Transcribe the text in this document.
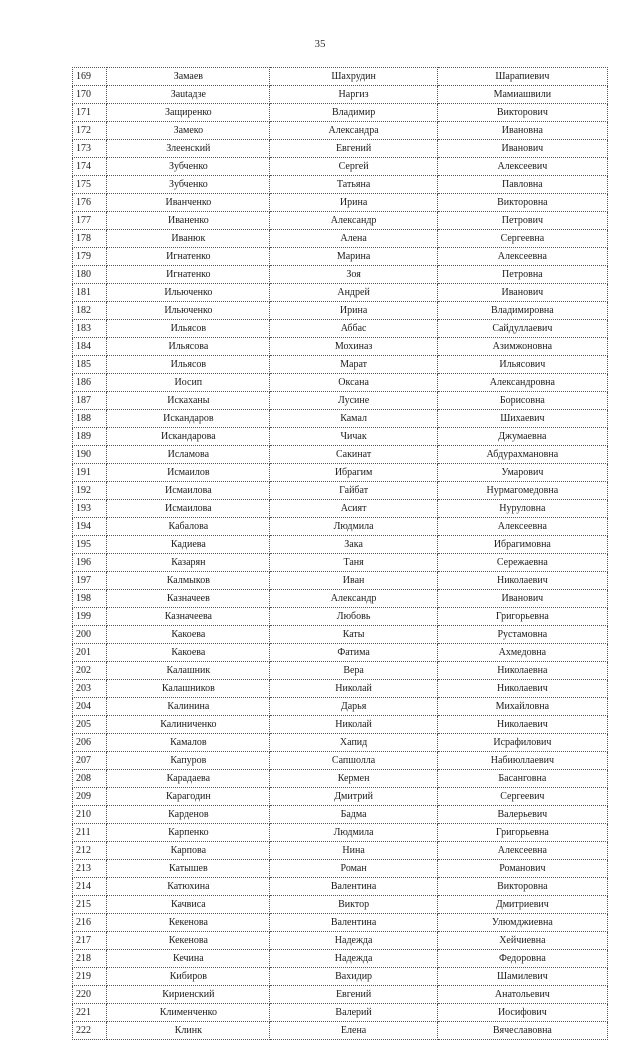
35
169	Замаев	Шахрудин	Шарапиевич
170	Зautадзе	Наргиз	Мамиашвили
171	Защиренко	Владимир	Викторович
172	Замеко	Александра	Ивановна
173	Злеенский	Евгений	Иванович
174	Зубченко	Сергей	Алексеевич
175	Зубченко	Татьяна	Павловна
176	Иванченко	Ирина	Викторовна
177	Иваненко	Александр	Петрович
178	Иванюк	Алена	Сергеевна
179	Игнатенко	Марина	Алексеевна
180	Игнатенко	Зоя	Петровна
181	Ильюченко	Андрей	Иванович
182	Ильюченко	Ирина	Владимировна
183	Ильясов	Аббас	Сайдуллаевич
184	Ильясова	Мохиназ	Азимжоновна
185	Ильясов	Марат	Ильясович
186	Иосип	Оксана	Александровна
187	Искаханы	Лусине	Борисовна
188	Искандаров	Камал	Шихаевич
189	Искандарова	Чичак	Джумаевна
190	Исламова	Сакинат	Абдурахмановна
191	Исмаилов	Ибрагим	Умарович
192	Исмаилова	Гайбат	Нурмагомедовна
193	Исмаилова	Асият	Нуруловна
194	Кабалова	Людмила	Алексеевна
195	Кадиева	Зака	Ибрагимовна
196	Казарян	Таня	Сережаевна
197	Калмыков	Иван	Николаевич
198	Казначеев	Александр	Иванович
199	Казначеева	Любовь	Григорьевна
200	Какоева	Каты	Рустамовна
201	Какоева	Фатима	Ахмедовна
202	Калашник	Вера	Николаевна
203	Калашников	Николай	Николаевич
204	Калинина	Дарья	Михайловна
205	Калиниченко	Николай	Николаевич
206	Камалов	Хапид	Исрафилович
207	Капуров	Сапшолла	Набиюллаевич
208	Карадаева	Кермен	Басанговна
209	Карагодин	Дмитрий	Сергеевич
210	Карденов	Бадма	Валерьевич
211	Карпенко	Людмила	Григорьевна
212	Карпова	Нина	Алексеевна
213	Катышев	Роман	Романович
214	Катюхина	Валентина	Викторовна
215	Качвиса	Виктор	Дмитриевич
216	Кекенова	Валентина	Улюмджиевна
217	Кекенова	Надежда	Хейчиевна
218	Кечина	Надежда	Федоровна
219	Кибиров	Вахидир	Шамилевич
220	Кириенский	Евгений	Анатольевич
221	Клименченко	Валерий	Иосифович
222	Клинк	Елена	Вячеславовна
